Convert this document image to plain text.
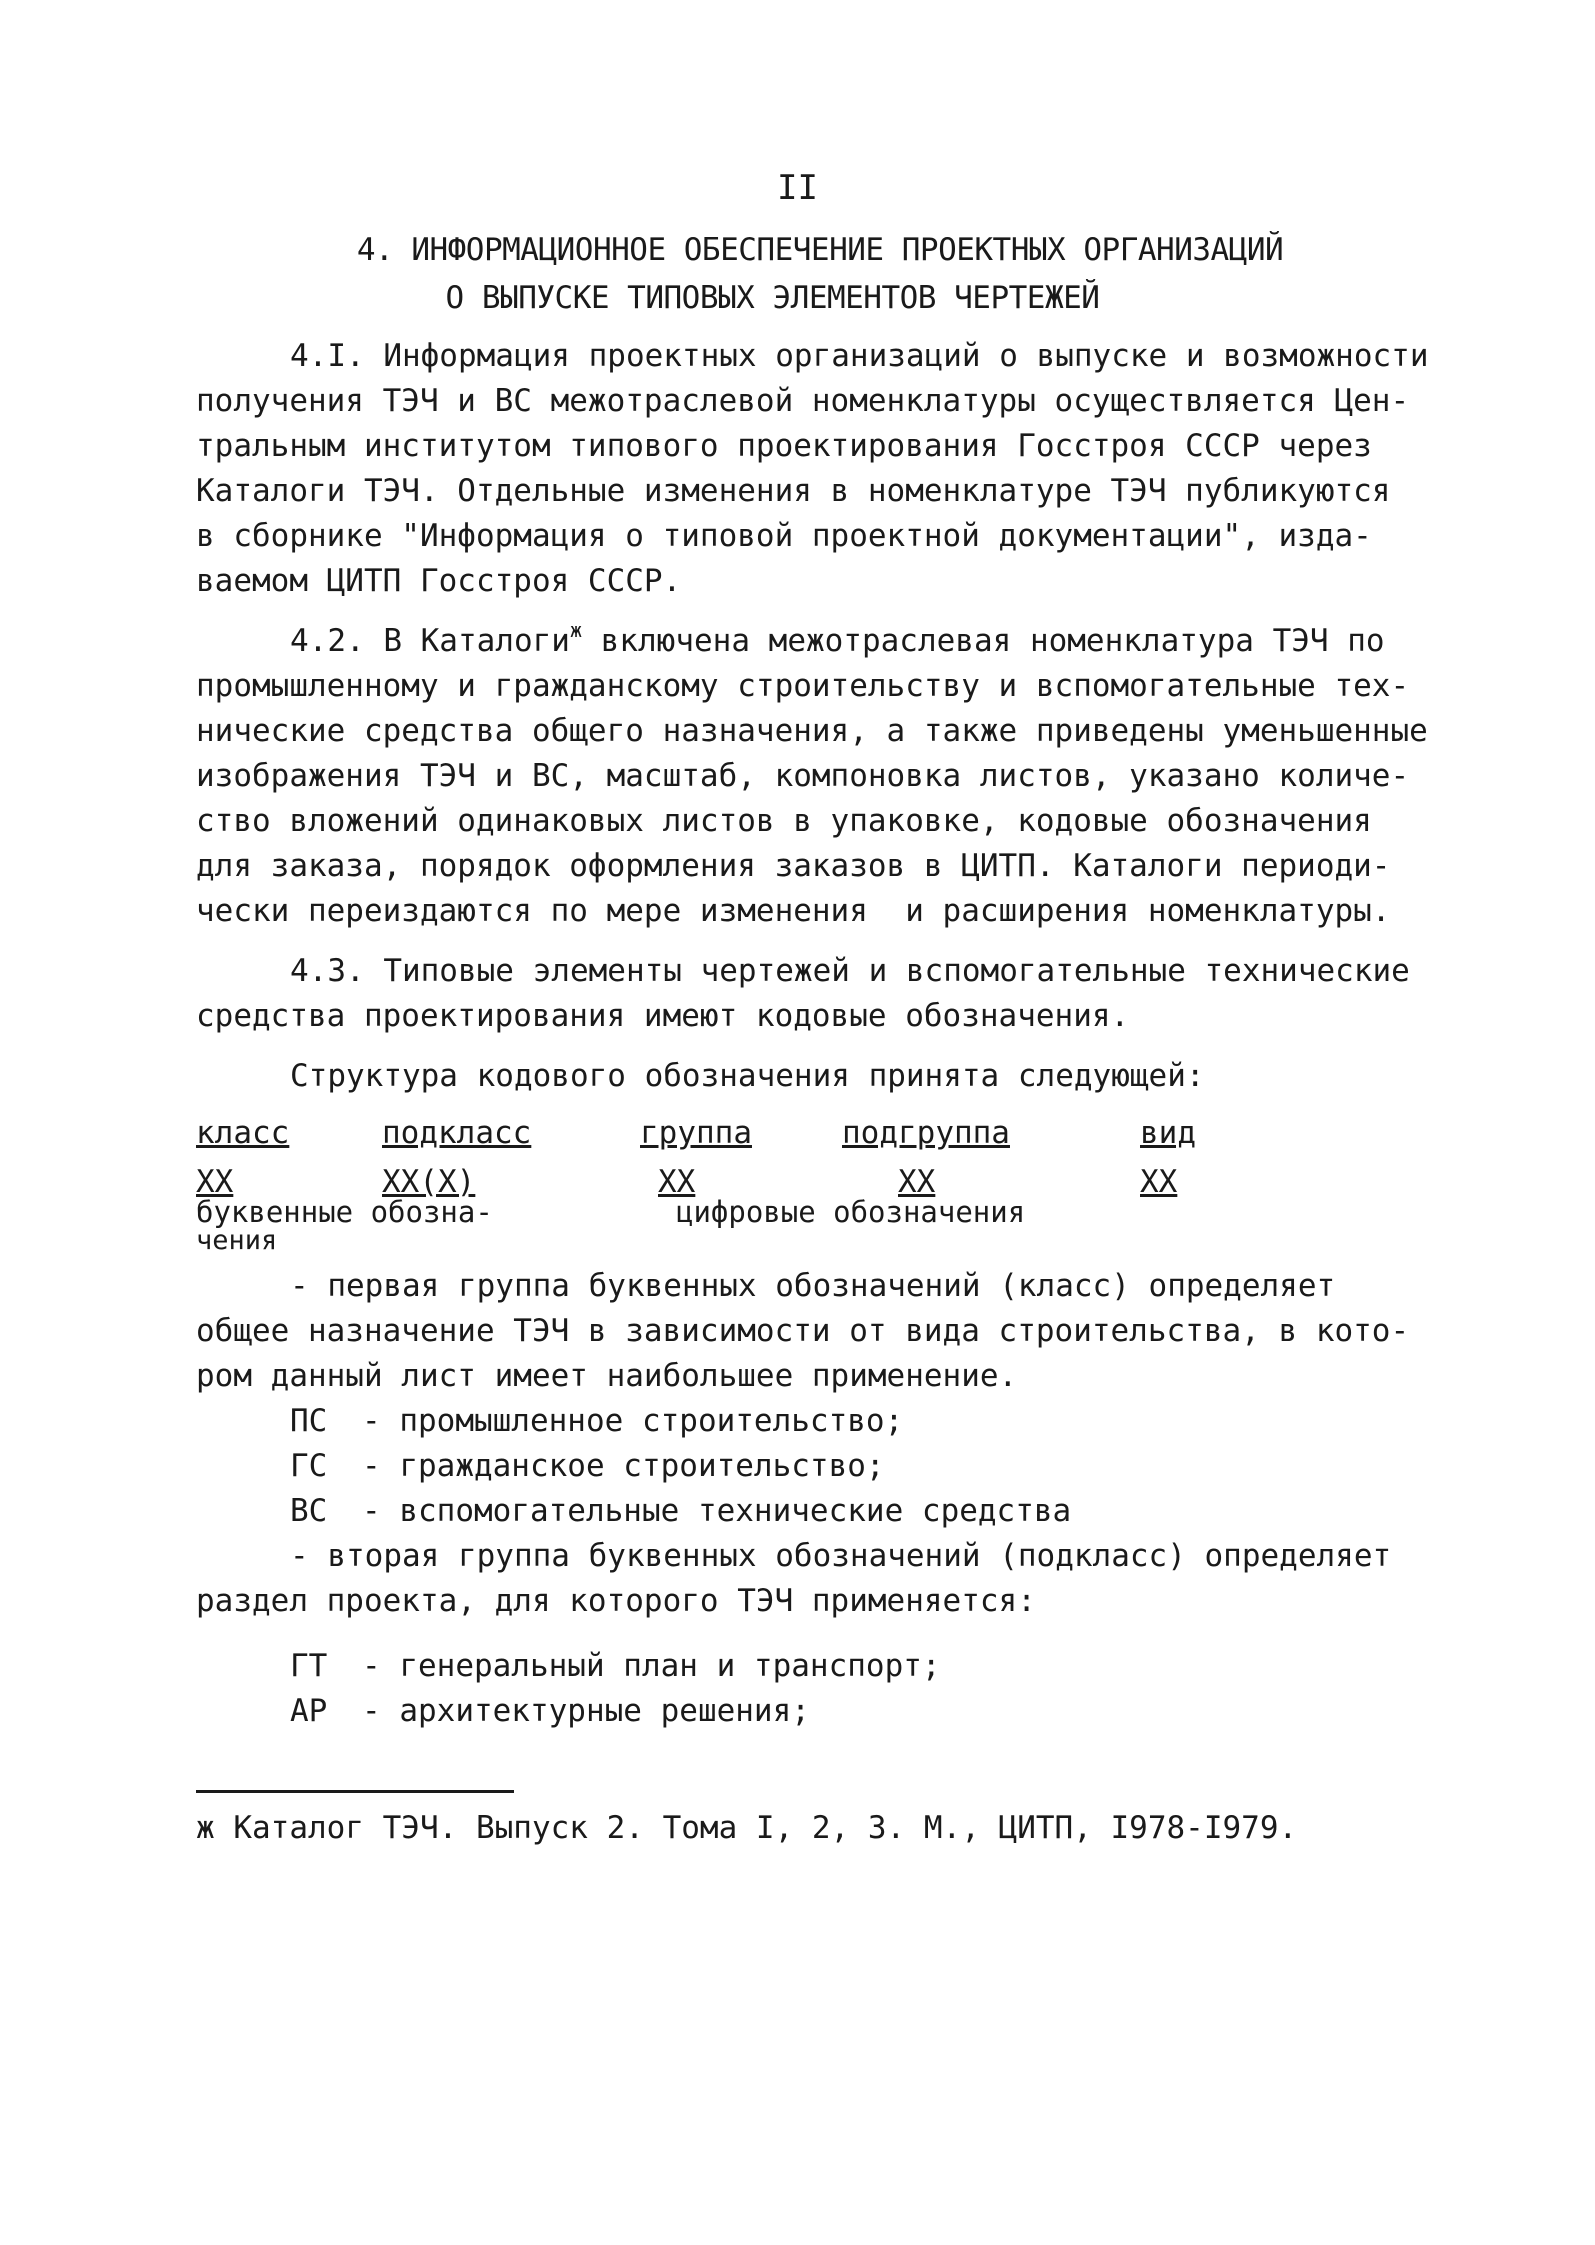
II
4. ИНФОРМАЦИОННОЕ ОБЕСПЕЧЕНИЕ ПРОЕКТНЫХ ОРГАНИЗАЦИЙ
О ВЫПУСКЕ ТИПОВЫХ ЭЛЕМЕНТОВ ЧЕРТЕЖЕЙ
4.I. Информация проектных организаций о выпуске и возможности
получения ТЭЧ и ВС межотраслевой номенклатуры осуществляется Цен-
тральным институтом типового проектирования Госстроя СССР через
Каталоги ТЭЧ. Отдельные изменения в номенклатуре ТЭЧ публикуются
в сборнике "Информация о типовой проектной документации", изда-
ваемом ЦИТП Госстроя СССР.
4.2. В Каталоги$^ж$ включена межотраслевая номенклатура ТЭЧ по
промышленному и гражданскому строительству и вспомогательные тех-
нические средства общего назначения, а также приведены уменьшенные
изображения ТЭЧ и ВС, масштаб, компоновка листов, указано количе-
ство вложений одинаковых листов в упаковке, кодовые обозначения
для заказа, порядок оформления заказов в ЦИТП. Каталоги периоди-
чески переиздаются по мере изменения  и расширения номенклатуры.
4.3. Типовые элементы чертежей и вспомогательные технические
средства проектирования имеют кодовые обозначения.
Структура кодового обозначения принята следующей:
класс	подкласс	группа	подгруппа	вид
XX	XX(X)	XX	XX	XX
буквенные обозна-
чения
цифровые обозначения
- первая группа буквенных обозначений (класс) определяет
общее назначение ТЭЧ в зависимости от вида строительства, в кото-
ром данный лист имеет наибольшее применение.
ПС - промышленное строительство;
ГС - гражданское строительство;
ВС - вспомогательные технические средства
- вторая группа буквенных обозначений (подкласс) определяет
раздел проекта, для которого ТЭЧ применяется:
ГТ - генеральный план и транспорт;
АР - архитектурные решения;
ж Каталог ТЭЧ. Выпуск 2. Тома I, 2, 3. М., ЦИТП, I978-I979.
